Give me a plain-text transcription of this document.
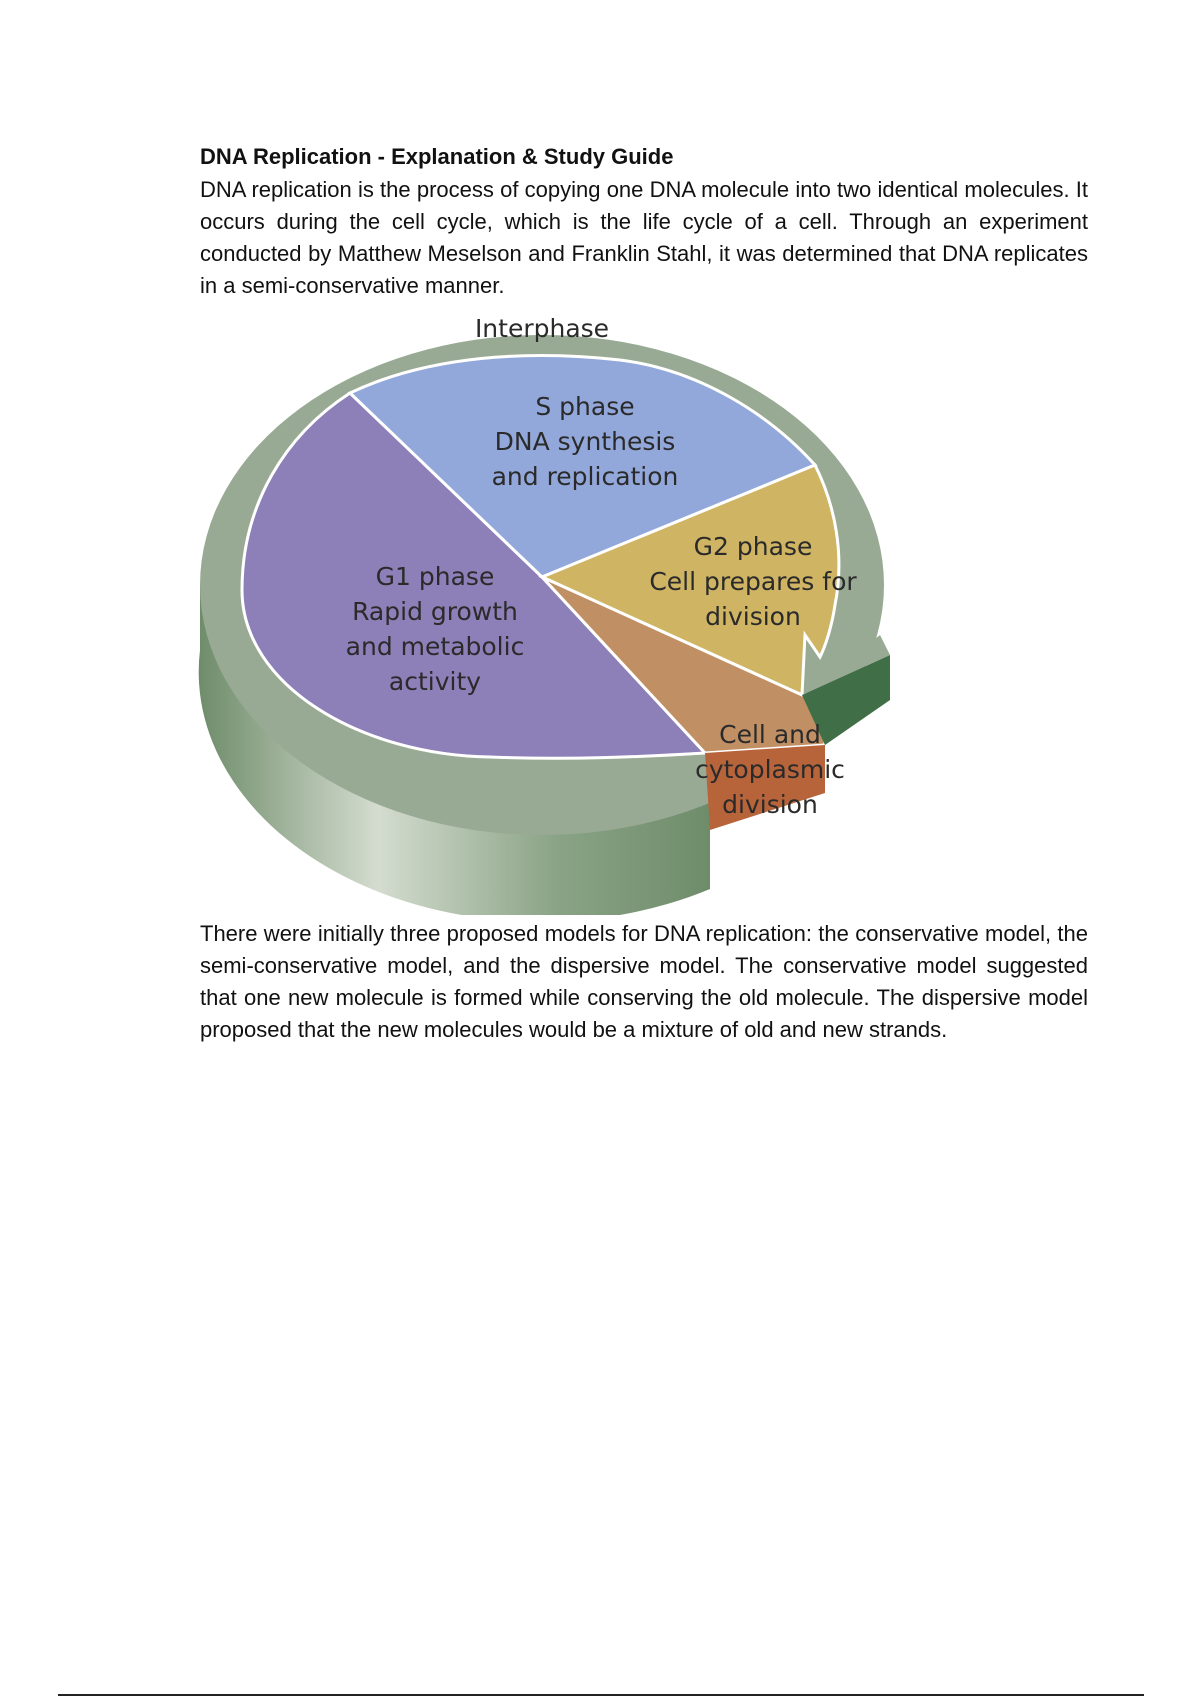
DNA Replication - Explanation & Study Guide

DNA replication is the process of copying one DNA molecule into two identical molecules. It occurs during the cell cycle, which is the life cycle of a cell. Through an experiment conducted by Matthew Meselson and Franklin Stahl, it was determined that DNA replicates in a semi-conservative manner.

Interphase
S phase
DNA synthesis
and replication
G1 phase
Rapid growth
and metabolic
activity
G2 phase
Cell prepares for
division
Cell and
cytoplasmic
division

There were initially three proposed models for DNA replication: the conservative model, the semi-conservative model, and the dispersive model. The conservative model suggested that one new molecule is formed while conserving the old molecule. The dispersive model proposed that the new molecules would be a mixture of old and new strands.
